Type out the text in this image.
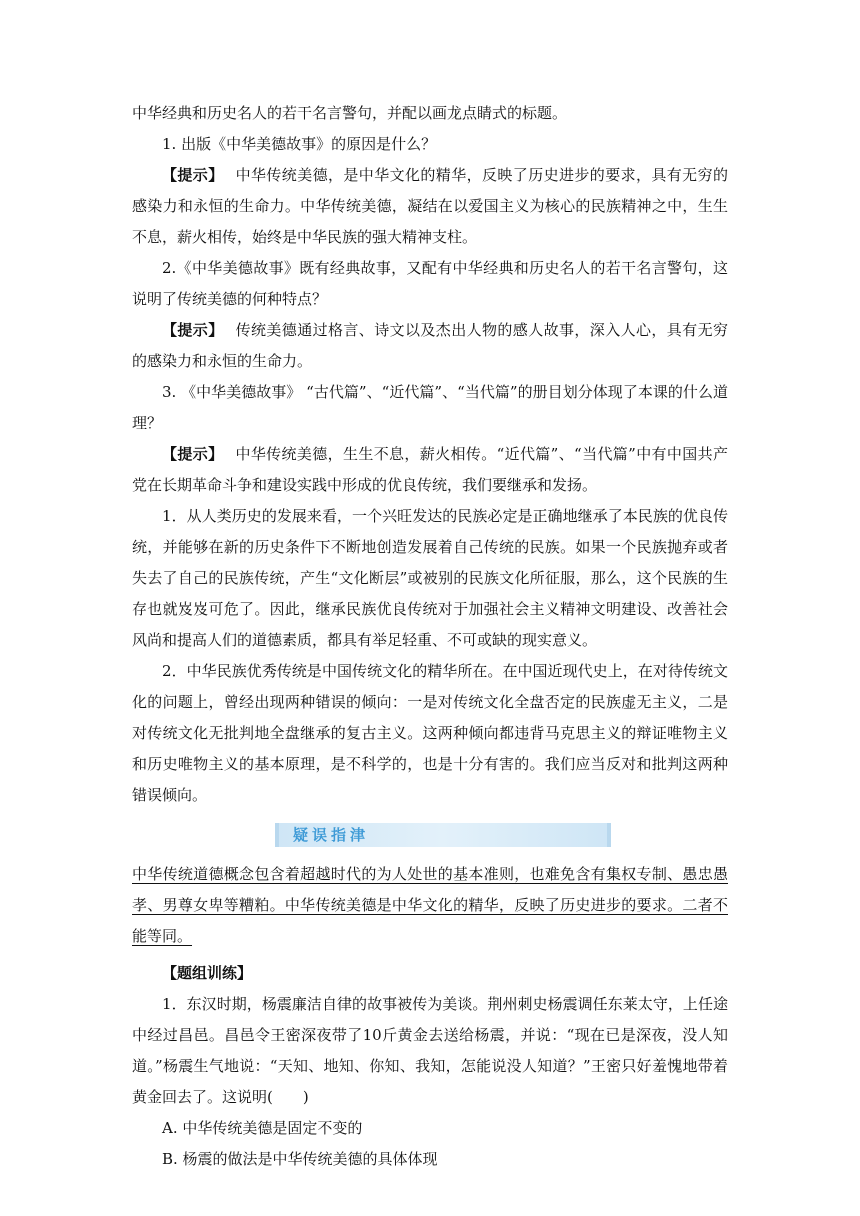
中华经典和历史名人的若干名言警句，并配以画龙点睛式的标题。

1. 出版《中华美德故事》的原因是什么？

【提示】 中华传统美德，是中华文化的精华，反映了历史进步的要求，具有无穷的感染力和永恒的生命力。中华传统美德，凝结在以爱国主义为核心的民族精神之中，生生不息，薪火相传，始终是中华民族的强大精神支柱。

2.《中华美德故事》既有经典故事，又配有中华经典和历史名人的若干名言警句，这说明了传统美德的何种特点？

【提示】 传统美德通过格言、诗文以及杰出人物的感人故事，深入人心，具有无穷的感染力和永恒的生命力。

3. 《中华美德故事》 “古代篇”、“近代篇”、“当代篇”的册目划分体现了本课的什么道理？

【提示】 中华传统美德，生生不息，薪火相传。“近代篇”、“当代篇”中有中国共产党在长期革命斗争和建设实践中形成的优良传统，我们要继承和发扬。

1．从人类历史的发展来看，一个兴旺发达的民族必定是正确地继承了本民族的优良传统，并能够在新的历史条件下不断地创造发展着自己传统的民族。如果一个民族抛弃或者失去了自己的民族传统，产生“文化断层”或被别的民族文化所征服，那么，这个民族的生存也就岌岌可危了。因此，继承民族优良传统对于加强社会主义精神文明建设、改善社会风尚和提高人们的道德素质，都具有举足轻重、不可或缺的现实意义。

2．中华民族优秀传统是中国传统文化的精华所在。在中国近现代史上，在对待传统文化的问题上，曾经出现两种错误的倾向：一是对传统文化全盘否定的民族虚无主义，二是对传统文化无批判地全盘继承的复古主义。这两种倾向都违背马克思主义的辩证唯物主义和历史唯物主义的基本原理，是不科学的，也是十分有害的。我们应当反对和批判这两种错误倾向。

疑误指津

中华传统道德概念包含着超越时代的为人处世的基本准则，也难免含有集权专制、愚忠愚孝、男尊女卑等糟粕。中华传统美德是中华文化的精华，反映了历史进步的要求。二者不能等同。

【题组训练】

1．东汉时期，杨震廉洁自律的故事被传为美谈。荆州刺史杨震调任东莱太守，上任途中经过昌邑。昌邑令王密深夜带了10斤黄金去送给杨震，并说：“现在已是深夜，没人知道。”杨震生气地说：“天知、地知、你知、我知，怎能说没人知道？”王密只好羞愧地带着黄金回去了。这说明(　　)

A. 中华传统美德是固定不变的

B. 杨震的做法是中华传统美德的具体体现
